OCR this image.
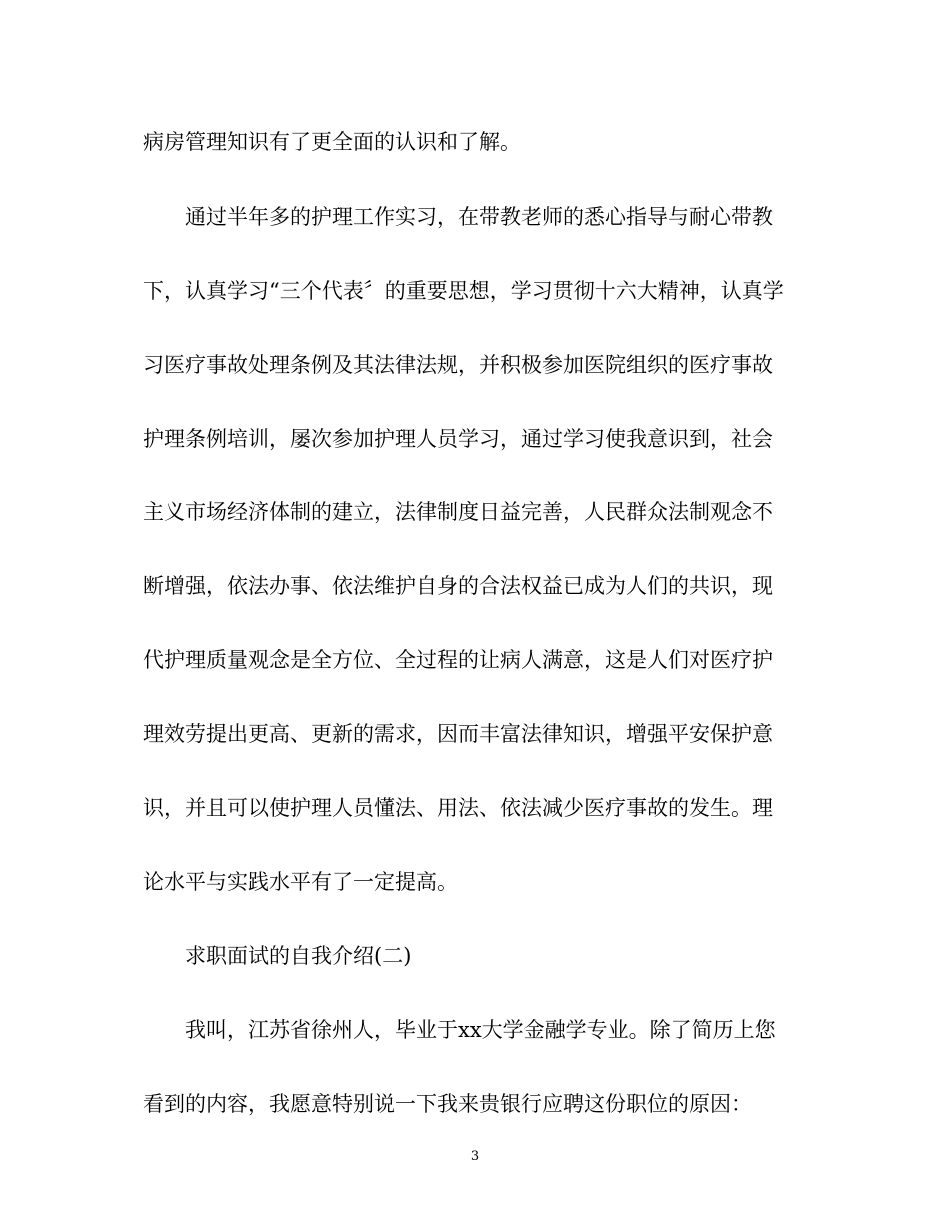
病房管理知识有了更全面的认识和了解。
通过半年多的护理工作实习，在带教老师的悉心指导与耐心带教
下，认真学习“三个代表〞的重要思想，学习贯彻十六大精神，认真学
习医疗事故处理条例及其法律法规，并积极参加医院组织的医疗事故
护理条例培训，屡次参加护理人员学习，通过学习使我意识到，社会
主义市场经济体制的建立，法律制度日益完善，人民群众法制观念不
断增强，依法办事、依法维护自身的合法权益已成为人们的共识，现
代护理质量观念是全方位、全过程的让病人满意，这是人们对医疗护
理效劳提出更高、更新的需求，因而丰富法律知识，增强平安保护意
识，并且可以使护理人员懂法、用法、依法减少医疗事故的发生。理
论水平与实践水平有了一定提高。
求职面试的自我介绍(二)
我叫，江苏省徐州人，毕业于xx大学金融学专业。除了简历上您
看到的内容，我愿意特别说一下我来贵银行应聘这份职位的原因：
3
